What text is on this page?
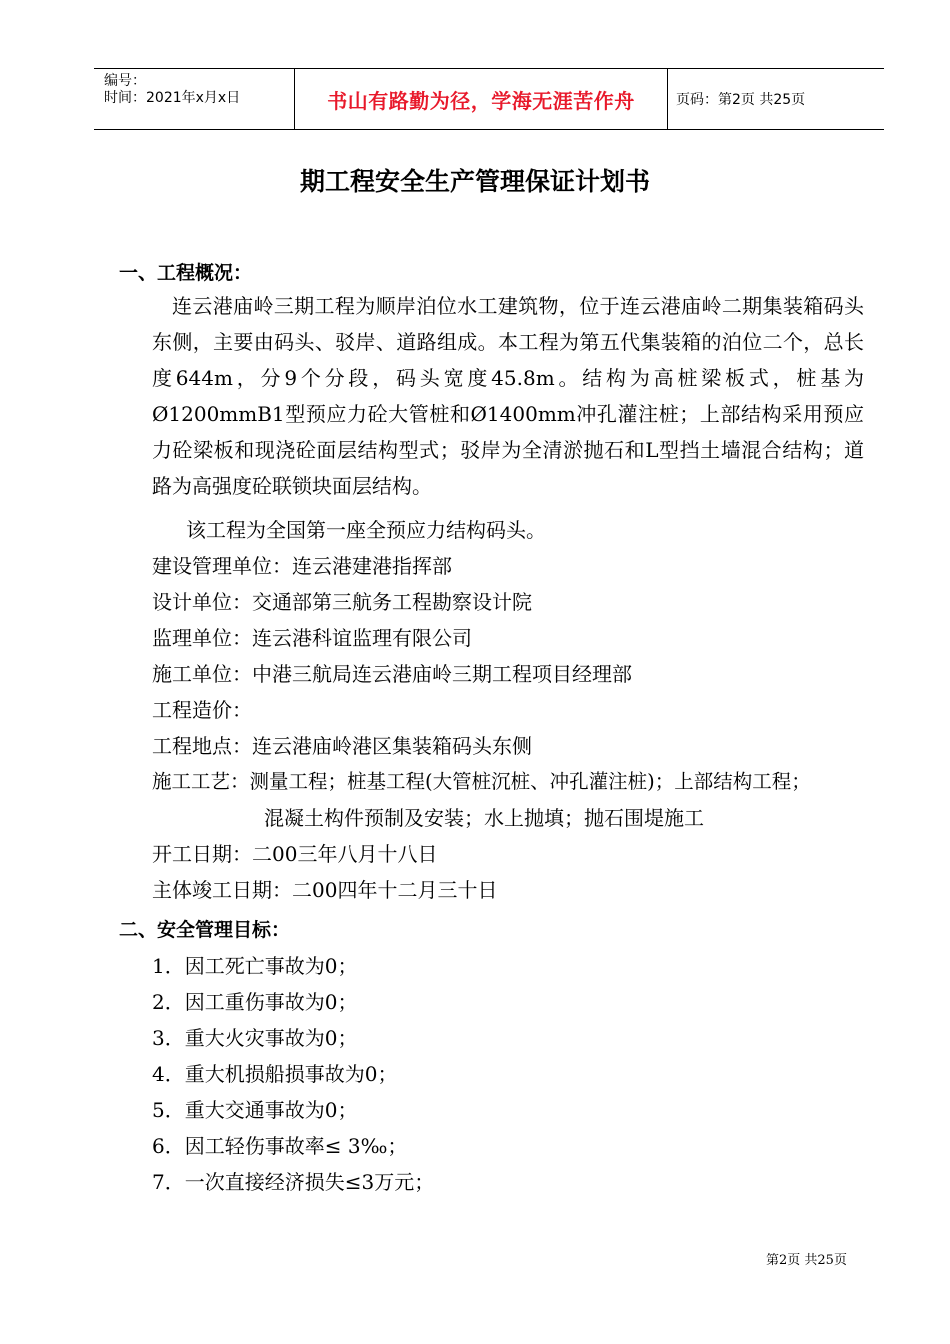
编号：
时间：2021年x月x日	书山有路勤为径，学海无涯苦作舟	页码：第2页 共25页
期工程安全生产管理保证计划书
一、工程概况：
连云港庙岭三期工程为顺岸泊位水工建筑物，位于连云港庙岭二期集装箱码头东侧，主要由码头、驳岸、道路组成。本工程为第五代集装箱的泊位二个，总长度644m，分9个分段，码头宽度45.8m。结构为高桩梁板式，桩基为Ø1200mmB1型预应力砼大管桩和Ø1400mm冲孔灌注桩；上部结构采用预应力砼梁板和现浇砼面层结构型式；驳岸为全清淤抛石和L型挡土墙混合结构；道路为高强度砼联锁块面层结构。
该工程为全国第一座全预应力结构码头。
建设管理单位：连云港建港指挥部
设计单位：交通部第三航务工程勘察设计院
监理单位：连云港科谊监理有限公司
施工单位：中港三航局连云港庙岭三期工程项目经理部
工程造价：
工程地点：连云港庙岭港区集装箱码头东侧
施工工艺：测量工程；桩基工程(大管桩沉桩、冲孔灌注桩)；上部结构工程；
混凝土构件预制及安装；水上抛填；抛石围堤施工
开工日期：二00三年八月十八日
主体竣工日期：二00四年十二月三十日
二、安全管理目标：
1．因工死亡事故为0；
2．因工重伤事故为0；
3．重大火灾事故为0；
4．重大机损船损事故为0；
5．重大交通事故为0；
6．因工轻伤事故率≤ 3‰；
7．一次直接经济损失≤3万元；
第2页 共25页
